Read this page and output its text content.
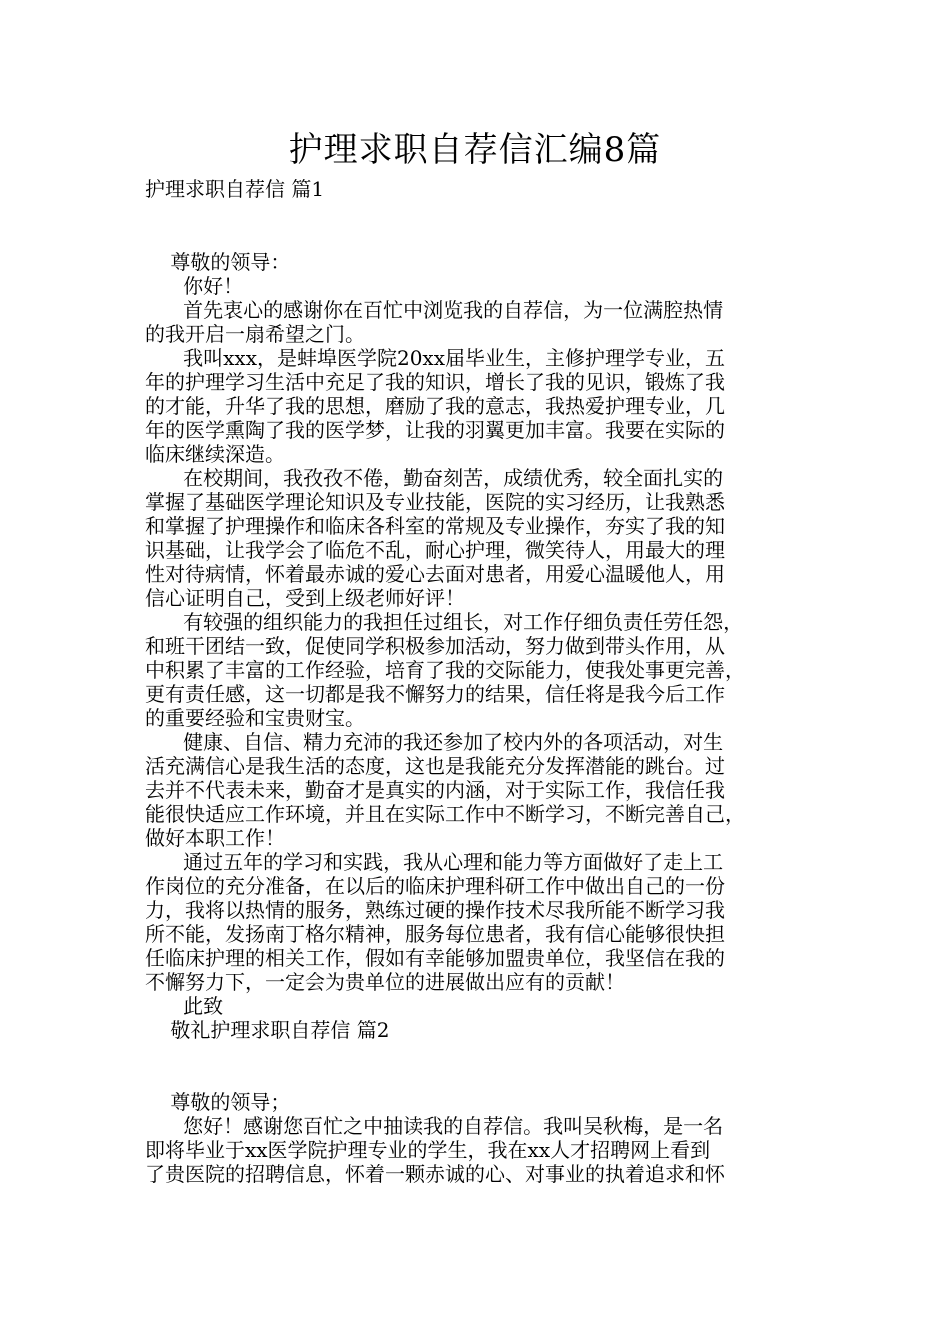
护理求职自荐信汇编8篇
护理求职自荐信 篇1
尊敬的领导：
你好！
首先衷心的感谢你在百忙中浏览我的自荐信，为一位满腔热情
的我开启一扇希望之门。
我叫xxx，是蚌埠医学院20xx届毕业生，主修护理学专业，五
年的护理学习生活中充足了我的知识，增长了我的见识，锻炼了我
的才能，升华了我的思想，磨励了我的意志，我热爱护理专业，几
年的医学熏陶了我的医学梦，让我的羽翼更加丰富。我要在实际的
临床继续深造。
在校期间，我孜孜不倦，勤奋刻苦，成绩优秀，较全面扎实的
掌握了基础医学理论知识及专业技能，医院的实习经历，让我熟悉
和掌握了护理操作和临床各科室的常规及专业操作，夯实了我的知
识基础，让我学会了临危不乱，耐心护理，微笑待人，用最大的理
性对待病情，怀着最赤诚的爱心去面对患者，用爱心温暖他人，用
信心证明自己，受到上级老师好评！
有较强的组织能力的我担任过组长，对工作仔细负责任劳任怨，
和班干团结一致，促使同学积极参加活动，努力做到带头作用，从
中积累了丰富的工作经验，培育了我的交际能力，使我处事更完善，
更有责任感，这一切都是我不懈努力的结果，信任将是我今后工作
的重要经验和宝贵财宝。
健康、自信、精力充沛的我还参加了校内外的各项活动，对生
活充满信心是我生活的态度，这也是我能充分发挥潜能的跳台。过
去并不代表未来，勤奋才是真实的内涵，对于实际工作，我信任我
能很快适应工作环境，并且在实际工作中不断学习，不断完善自己，
做好本职工作！
通过五年的学习和实践，我从心理和能力等方面做好了走上工
作岗位的充分准备，在以后的临床护理科研工作中做出自己的一份
力，我将以热情的服务，熟练过硬的操作技术尽我所能不断学习我
所不能，发扬南丁格尔精神，服务每位患者，我有信心能够很快担
任临床护理的相关工作，假如有幸能够加盟贵单位，我坚信在我的
不懈努力下，一定会为贵单位的进展做出应有的贡献！
此致
敬礼护理求职自荐信 篇2
尊敬的领导；
您好！感谢您百忙之中抽读我的自荐信。我叫吴秋梅，是一名
即将毕业于xx医学院护理专业的学生，我在xx人才招聘网上看到
了贵医院的招聘信息，怀着一颗赤诚的心、对事业的执着追求和怀
